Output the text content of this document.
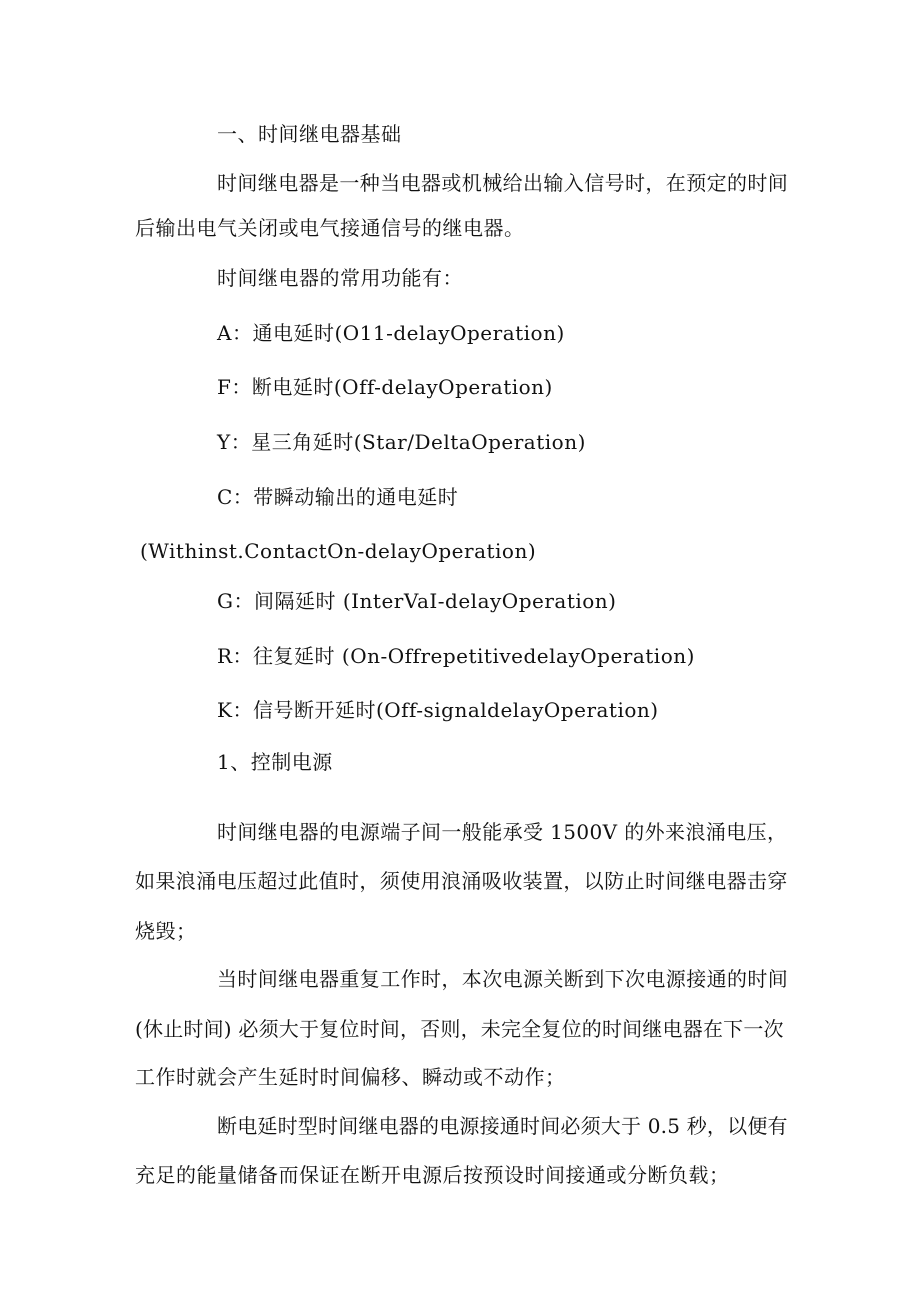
一、时间继电器基础

时间继电器是一种当电器或机械给出输入信号时，在预定的时间

后输出电气关闭或电气接通信号的继电器。

时间继电器的常用功能有：

A：通电延时(O11-delayOperation)

F：断电延时(Off-delayOperation)

Y：星三角延时(Star/DeltaOperation)

C：带瞬动输出的通电延时

(Withinst.ContactOn-delayOperation)

G：间隔延时 (InterVaI-delayOperation)

R：往复延时 (On-OffrepetitivedelayOperation)

K：信号断开延时(Off-signaldelayOperation)

1、控制电源

时间继电器的电源端子间一般能承受 1500V 的外来浪涌电压，

如果浪涌电压超过此值时，须使用浪涌吸收装置，以防止时间继电器击穿

烧毁；

当时间继电器重复工作时，本次电源关断到下次电源接通的时间

(休止时间) 必须大于复位时间，否则，未完全复位的时间继电器在下一次

工作时就会产生延时时间偏移、瞬动或不动作；

断电延时型时间继电器的电源接通时间必须大于 0.5 秒，以便有

充足的能量储备而保证在断开电源后按预设时间接通或分断负载；
